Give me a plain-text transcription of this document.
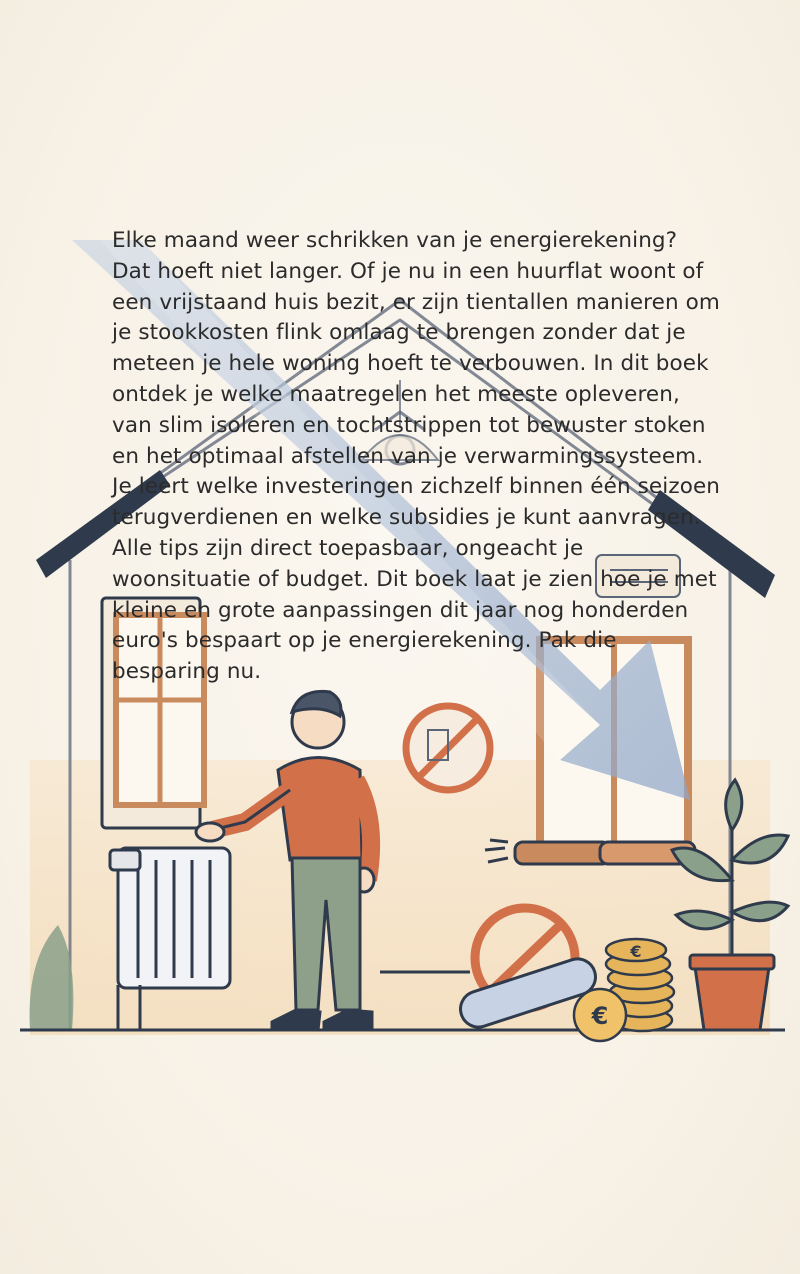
€
€

Elke maand weer schrikken van je energierekening? Dat hoeft niet langer. Of je nu in een huurflat woont of een vrijstaand huis bezit, er zijn tientallen manieren om je stookkosten flink omlaag te brengen zonder dat je meteen je hele woning hoeft te verbouwen. In dit boek ontdek je welke maatregelen het meeste opleveren, van slim isoleren en tochtstrippen tot bewuster stoken en het optimaal afstellen van je verwarmingssysteem. Je leert welke investeringen zichzelf binnen één seizoen terugverdienen en welke subsidies je kunt aanvragen. Alle tips zijn direct toepasbaar, ongeacht je woonsituatie of budget. Dit boek laat je zien hoe je met kleine en grote aanpassingen dit jaar nog honderden euro's bespaart op je energierekening. Pak die besparing nu.
